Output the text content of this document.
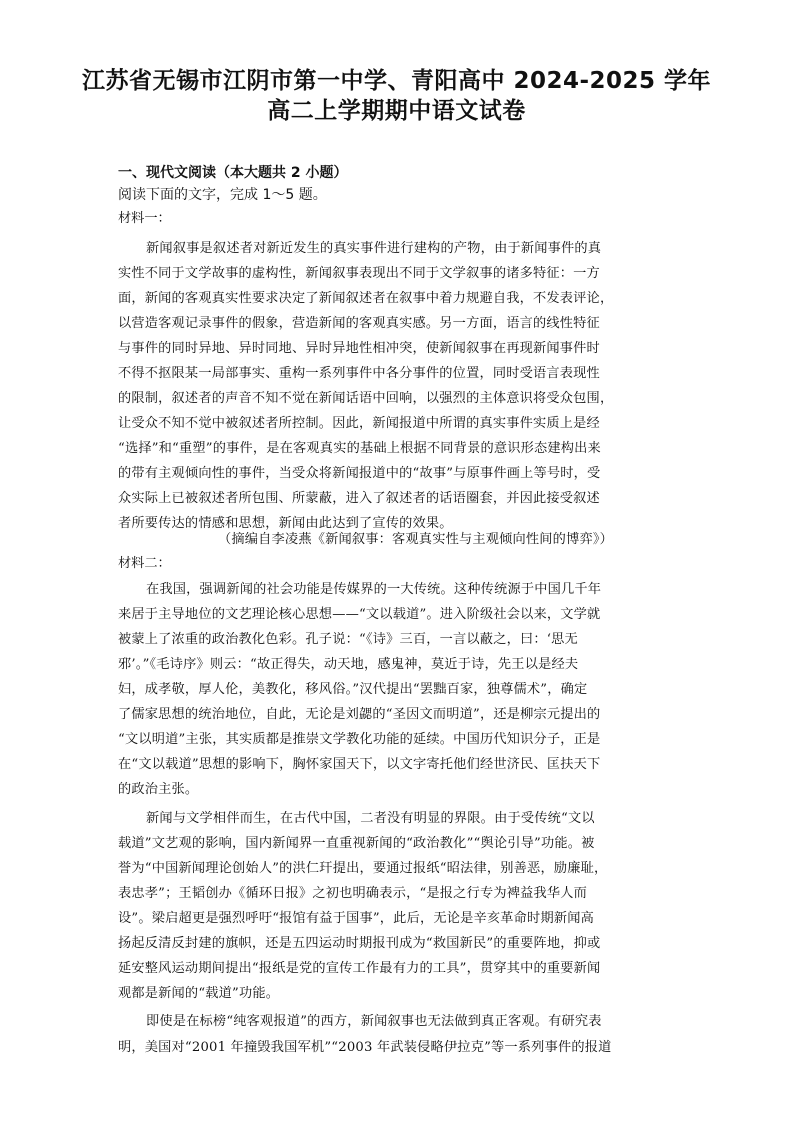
江苏省无锡市江阴市第一中学、青阳高中 2024-2025 学年
高二上学期期中语文试卷
一、现代文阅读（本大题共 2 小题）
阅读下面的文字，完成 1～5 题。
材料一：
新闻叙事是叙述者对新近发生的真实事件进行建构的产物，由于新闻事件的真
实性不同于文学故事的虚构性，新闻叙事表现出不同于文学叙事的诸多特征：一方
面，新闻的客观真实性要求决定了新闻叙述者在叙事中着力规避自我，不发表评论，
以营造客观记录事件的假象，营造新闻的客观真实感。另一方面，语言的线性特征
与事件的同时异地、异时同地、异时异地性相冲突，使新闻叙事在再现新闻事件时
不得不抠限某一局部事实、重构一系列事件中各分事件的位置，同时受语言表现性
的限制，叙述者的声音不知不觉在新闻话语中回响，以强烈的主体意识将受众包围，
让受众不知不觉中被叙述者所控制。因此，新闻报道中所谓的真实事件实质上是经
“选择”和“重塑”的事件，是在客观真实的基础上根据不同背景的意识形态建构出来
的带有主观倾向性的事件，当受众将新闻报道中的“故事”与原事件画上等号时，受
众实际上已被叙述者所包围、所蒙蔽，进入了叙述者的话语圈套，并因此接受叙述
者所要传达的情感和思想，新闻由此达到了宣传的效果。
（摘编自李凌燕《新闻叙事：客观真实性与主观倾向性间的博弈》）
材料二：
在我国，强调新闻的社会功能是传媒界的一大传统。这种传统源于中国几千年
来居于主导地位的文艺理论核心思想——“文以载道”。进入阶级社会以来，文学就
被蒙上了浓重的政治教化色彩。孔子说：“《诗》三百，一言以蔽之，曰：‘思无
邪’。”《毛诗序》则云：“故正得失，动天地，感鬼神，莫近于诗，先王以是经夫
妇，成孝敬，厚人伦，美教化，移风俗。”汉代提出“罢黜百家，独尊儒术”，确定
了儒家思想的统治地位，自此，无论是刘勰的“圣因文而明道”，还是柳宗元提出的
“文以明道”主张，其实质都是推崇文学教化功能的延续。中国历代知识分子，正是
在“文以载道”思想的影响下，胸怀家国天下，以文字寄托他们经世济民、匡扶天下
的政治主张。
新闻与文学相伴而生，在古代中国，二者没有明显的界限。由于受传统“文以
载道”文艺观的影响，国内新闻界一直重视新闻的“政治教化”“舆论引导”功能。被
誉为“中国新闻理论创始人”的洪仁玕提出，要通过报纸“昭法律，别善恶，励廉耻，
表忠孝”；王韬创办《循环日报》之初也明确表示，“是报之行专为裨益我华人而
设”。梁启超更是强烈呼吁“报馆有益于国事”，此后，无论是辛亥革命时期新闻高
扬起反清反封建的旗帜，还是五四运动时期报刊成为“救国新民”的重要阵地，抑或
延安整风运动期间提出“报纸是党的宣传工作最有力的工具”，贯穿其中的重要新闻
观都是新闻的“载道”功能。
即使是在标榜“纯客观报道”的西方，新闻叙事也无法做到真正客观。有研究表
明，美国对“2001 年撞毁我国军机”“2003 年武装侵略伊拉克”等一系列事件的报道
